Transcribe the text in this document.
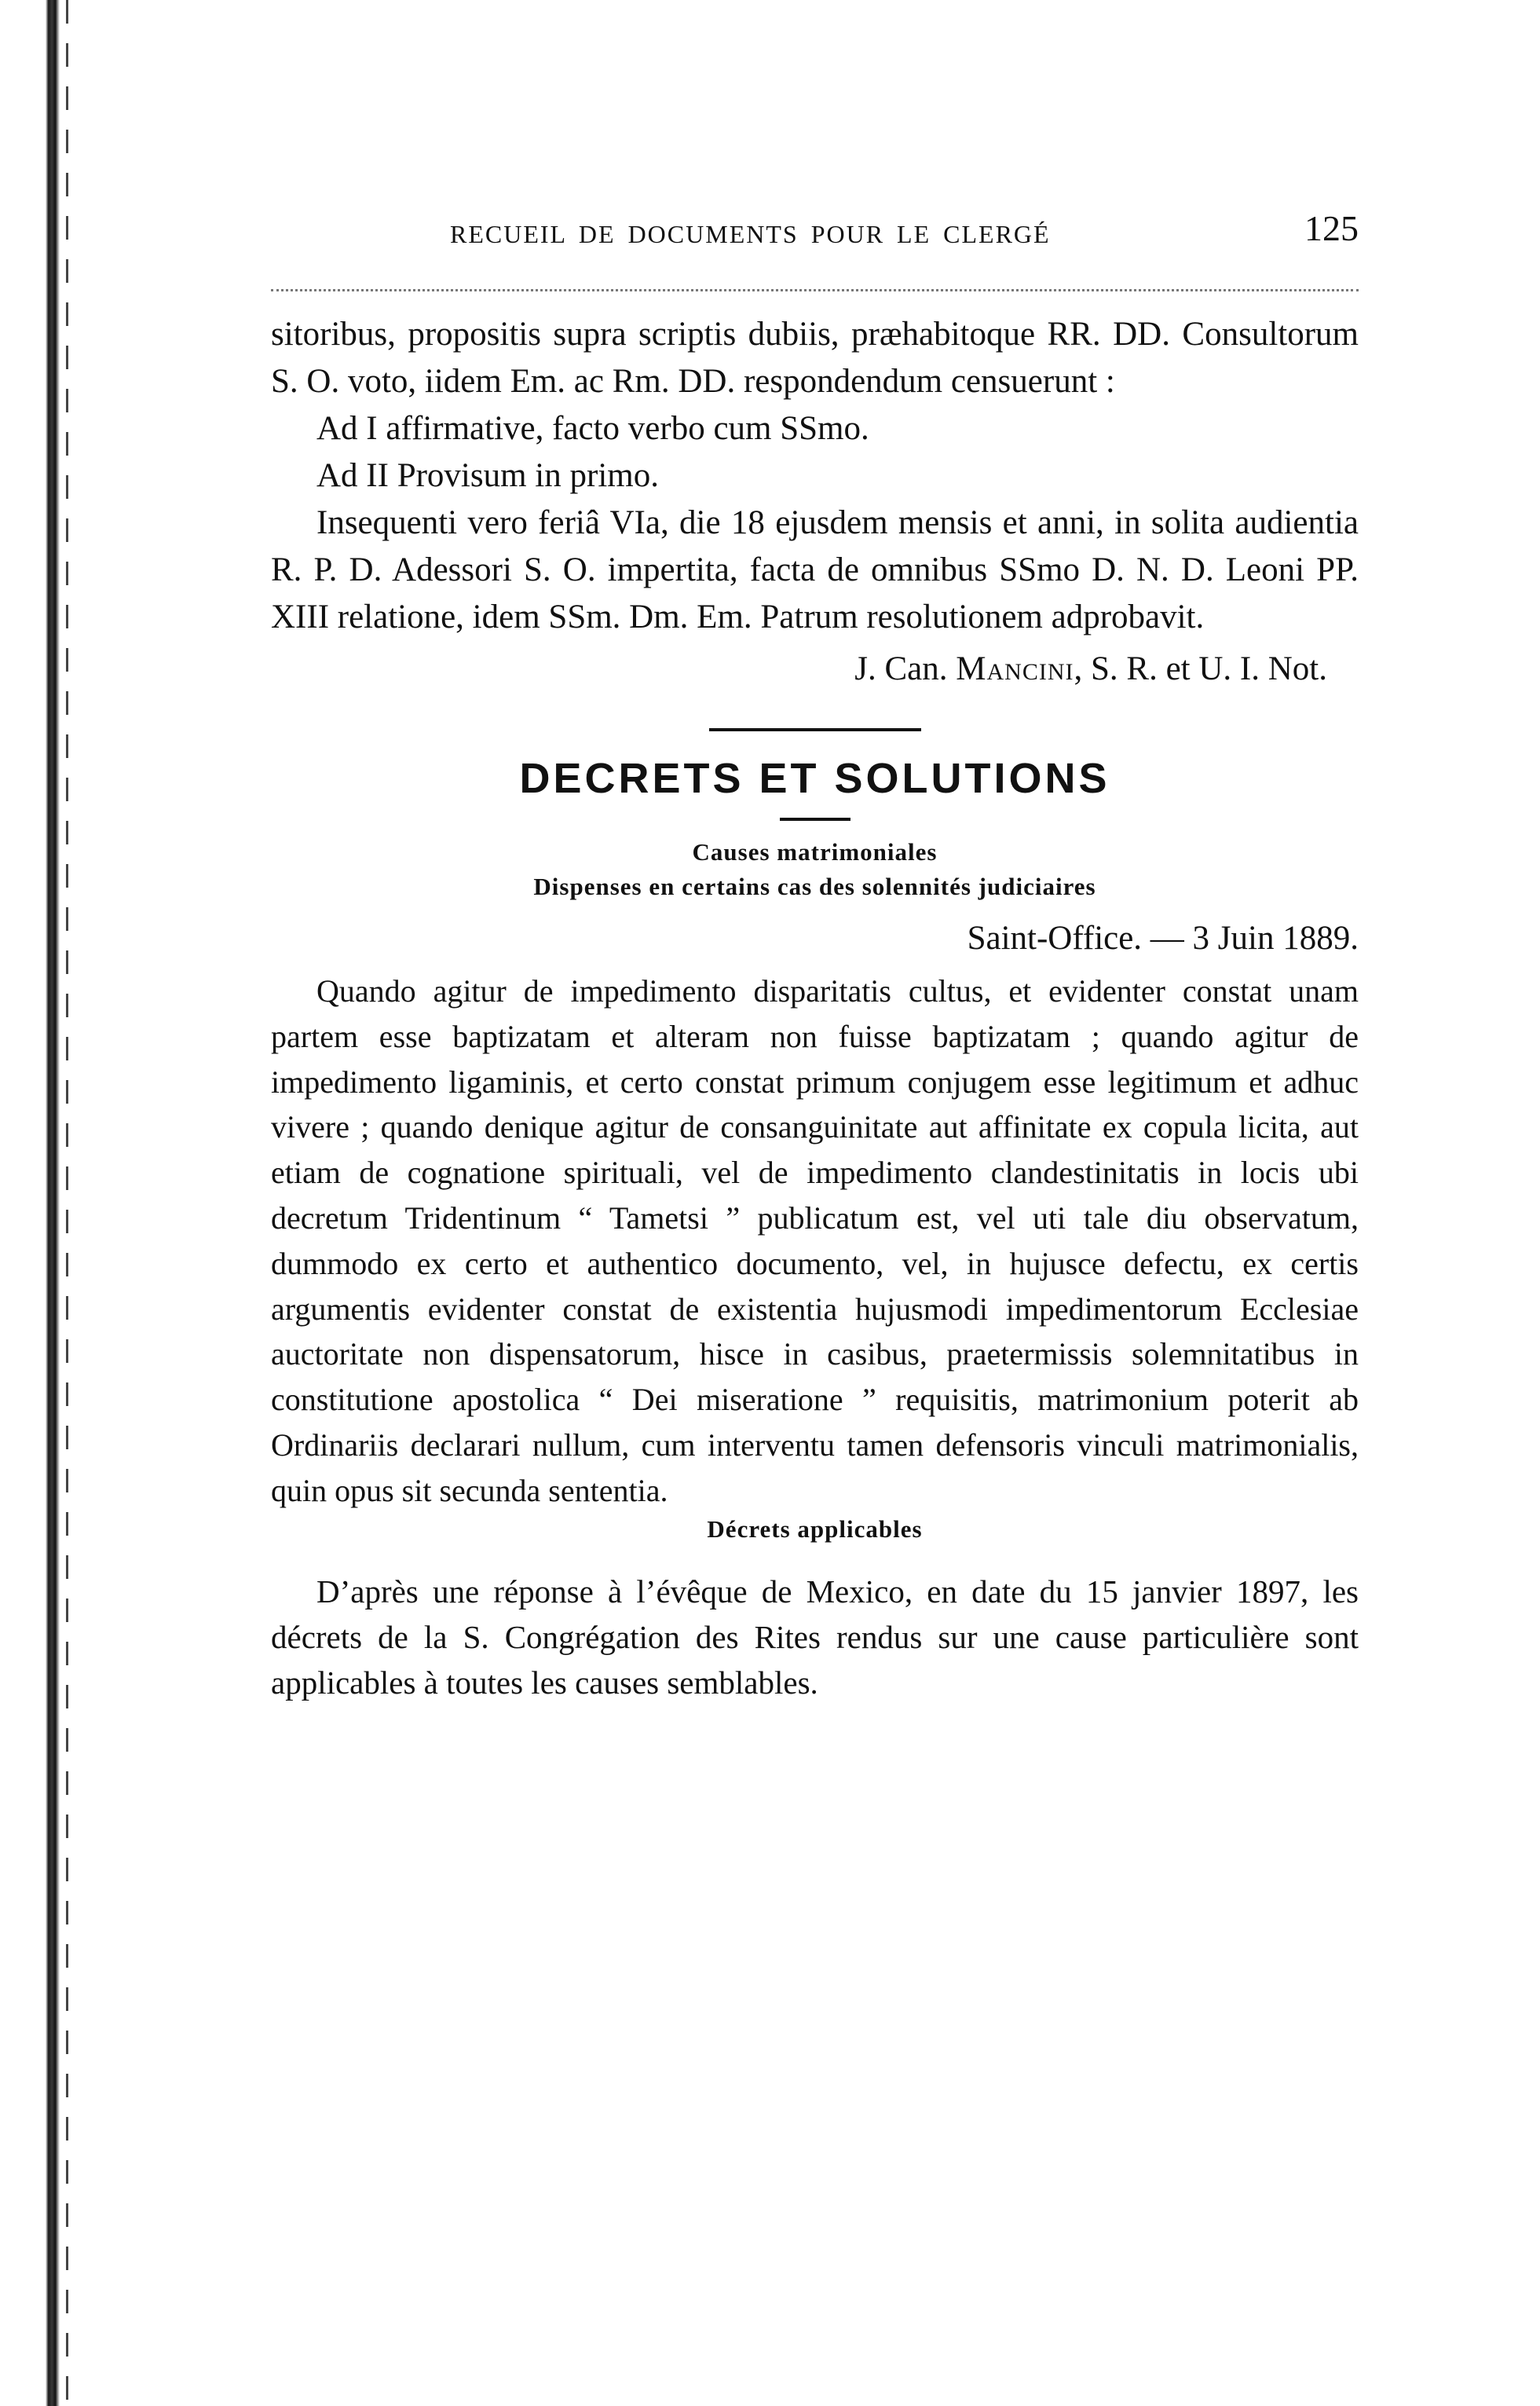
RECUEIL DE DOCUMENTS POUR LE CLERGÉ	125

sitoribus, propositis supra scriptis dubiis, præhabitoque RR. DD. Consultorum S. O. voto, iidem Em. ac Rm. DD. respondendum censuerunt :

Ad I affirmative, facto verbo cum SSmo.

Ad II Provisum in primo.

Insequenti vero feriâ VIa, die 18 ejusdem mensis et anni, in solita audientia R. P. D. Adessori S. O. impertita, facta de omnibus SSmo D. N. D. Leoni PP. XIII relatione, idem SSm. Dm. Em. Patrum resolutionem adprobavit.

J. Can. Mancini, S. R. et U. I. Not.

DECRETS ET SOLUTIONS
Causes matrimoniales
Dispenses en certains cas des solennités judiciaires
Saint-Office. — 3 Juin 1889.

Quando agitur de impedimento disparitatis cultus, et evidenter constat unam partem esse baptizatam et alteram non fuisse baptizatam ; quando agitur de impedimento ligaminis, et certo constat primum conjugem esse legitimum et adhuc vivere ; quando denique agitur de consanguinitate aut affinitate ex copula licita, aut etiam de cognatione spirituali, vel de impedimento clandestinitatis in locis ubi decretum Tridentinum “ Tametsi ” publicatum est, vel uti tale diu observatum, dummodo ex certo et authentico documento, vel, in hujusce defectu, ex certis argumentis evidenter constat de existentia hujusmodi impedimentorum Ecclesiae auctoritate non dispensatorum, hisce in casibus, praetermissis solemnitatibus in constitutione apostolica “ Dei miseratione ” requisitis, matrimonium poterit ab Ordinariis declarari nullum, cum interventu tamen defensoris vinculi matrimonialis, quin opus sit secunda sententia.

Décrets applicables

D’après une réponse à l’évêque de Mexico, en date du 15 janvier 1897, les décrets de la S. Congrégation des Rites rendus sur une cause particulière sont applicables à toutes les causes semblables.
